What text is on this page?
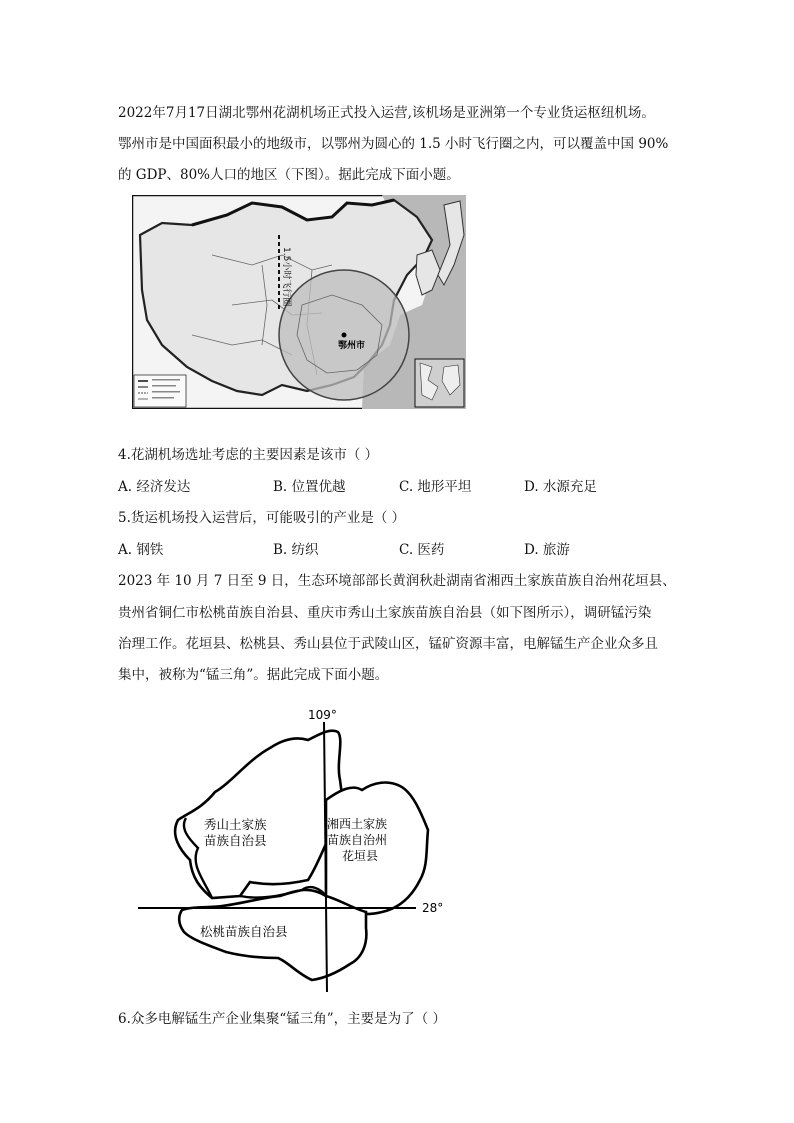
2022年7月17日湖北鄂州花湖机场正式投入运营,该机场是亚洲第一个专业货运枢纽机场。
鄂州市是中国面积最小的地级市，以鄂州为圆心的 1.5 小时飞行圈之内，可以覆盖中国 90%
的 GDP、80%人口的地区（下图）。据此完成下面小题。
1.5小时飞行圈
鄂州市
4.花湖机场选址考虑的主要因素是该市（ ）
A. 经济发达	B. 位置优越	C. 地形平坦	D. 水源充足
5.货运机场投入运营后，可能吸引的产业是（ ）
A. 钢铁	B. 纺织	C. 医药	D. 旅游
2023 年 10 月 7 日至 9 日，生态环境部部长黄润秋赴湖南省湘西土家族苗族自治州花垣县、
贵州省铜仁市松桃苗族自治县、重庆市秀山土家族苗族自治县（如下图所示），调研锰污染
治理工作。花垣县、松桃县、秀山县位于武陵山区，锰矿资源丰富，电解锰生产企业众多且
集中，被称为“锰三角”。据此完成下面小题。
109°
28°
秀山土家族
苗族自治县
湘西土家族
苗族自治州
花垣县
松桃苗族自治县
6.众多电解锰生产企业集聚“锰三角”，主要是为了（ ）
